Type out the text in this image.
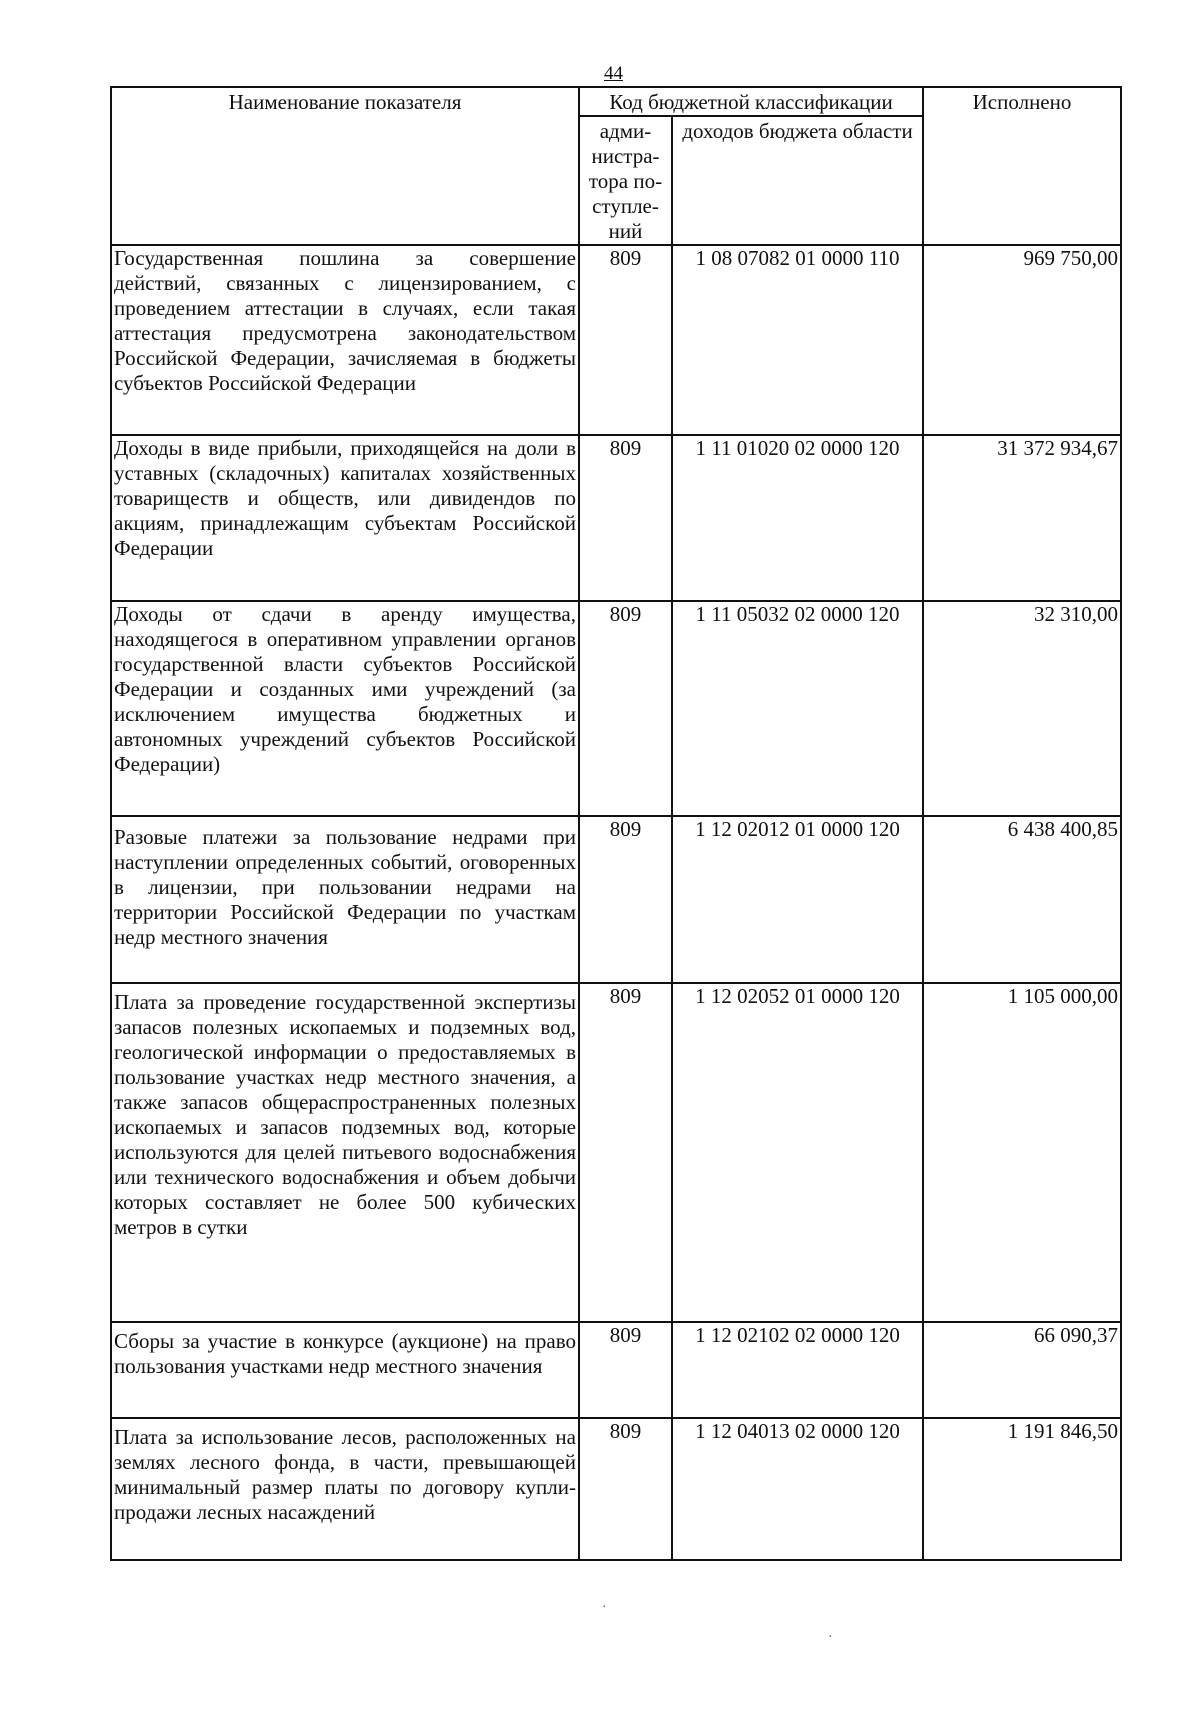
44
Наименование показателя	Код бюджетной классификации		Исполнено
	адми-нистра-тора по-ступле-ний	доходов бюджета области	
Государственная пошлина за совершение действий, связанных с лицензированием, с проведением аттестации в случаях, если такая аттестация предусмотрена законодательством Российской Федерации, зачисляемая в бюджеты субъектов Российской Федерации	809	1 08 07082 01 0000 110	969 750,00
Доходы в виде прибыли, приходящейся на доли в уставных (складочных) капиталах хозяйственных товариществ и обществ, или дивидендов по акциям, принадлежащим субъектам Российской Федерации	809	1 11 01020 02 0000 120	31 372 934,67
Доходы от сдачи в аренду имущества, находящегося в оперативном управлении органов государственной власти субъектов Российской Федерации и созданных ими учреждений (за исключением имущества бюджетных и автономных учреждений субъектов Российской Федерации)	809	1 11 05032 02 0000 120	32 310,00
Разовые платежи за пользование недрами при наступлении определенных событий, оговоренных в лицензии, при пользовании недрами на территории Российской Федерации по участкам недр местного значения	809	1 12 02012 01 0000 120	6 438 400,85
Плата за проведение государственной экспертизы запасов полезных ископаемых и подземных вод, геологической информации о предоставляемых в пользование участках недр местного значения, а также запасов общераспространенных полезных ископаемых и запасов подземных вод, которые используются для целей питьевого водоснабжения или технического водоснабжения и объем добычи которых составляет не более 500 кубических метров в сутки	809	1 12 02052 01 0000 120	1 105 000,00
Сборы за участие в конкурсе (аукционе) на право пользования участками недр местного значения	809	1 12 02102 02 0000 120	66 090,37
Плата за использование лесов, расположенных на землях лесного фонда, в части, превышающей минимальный размер платы по договору купли-продажи лесных насаждений	809	1 12 04013 02 0000 120	1 191 846,50
·
·
